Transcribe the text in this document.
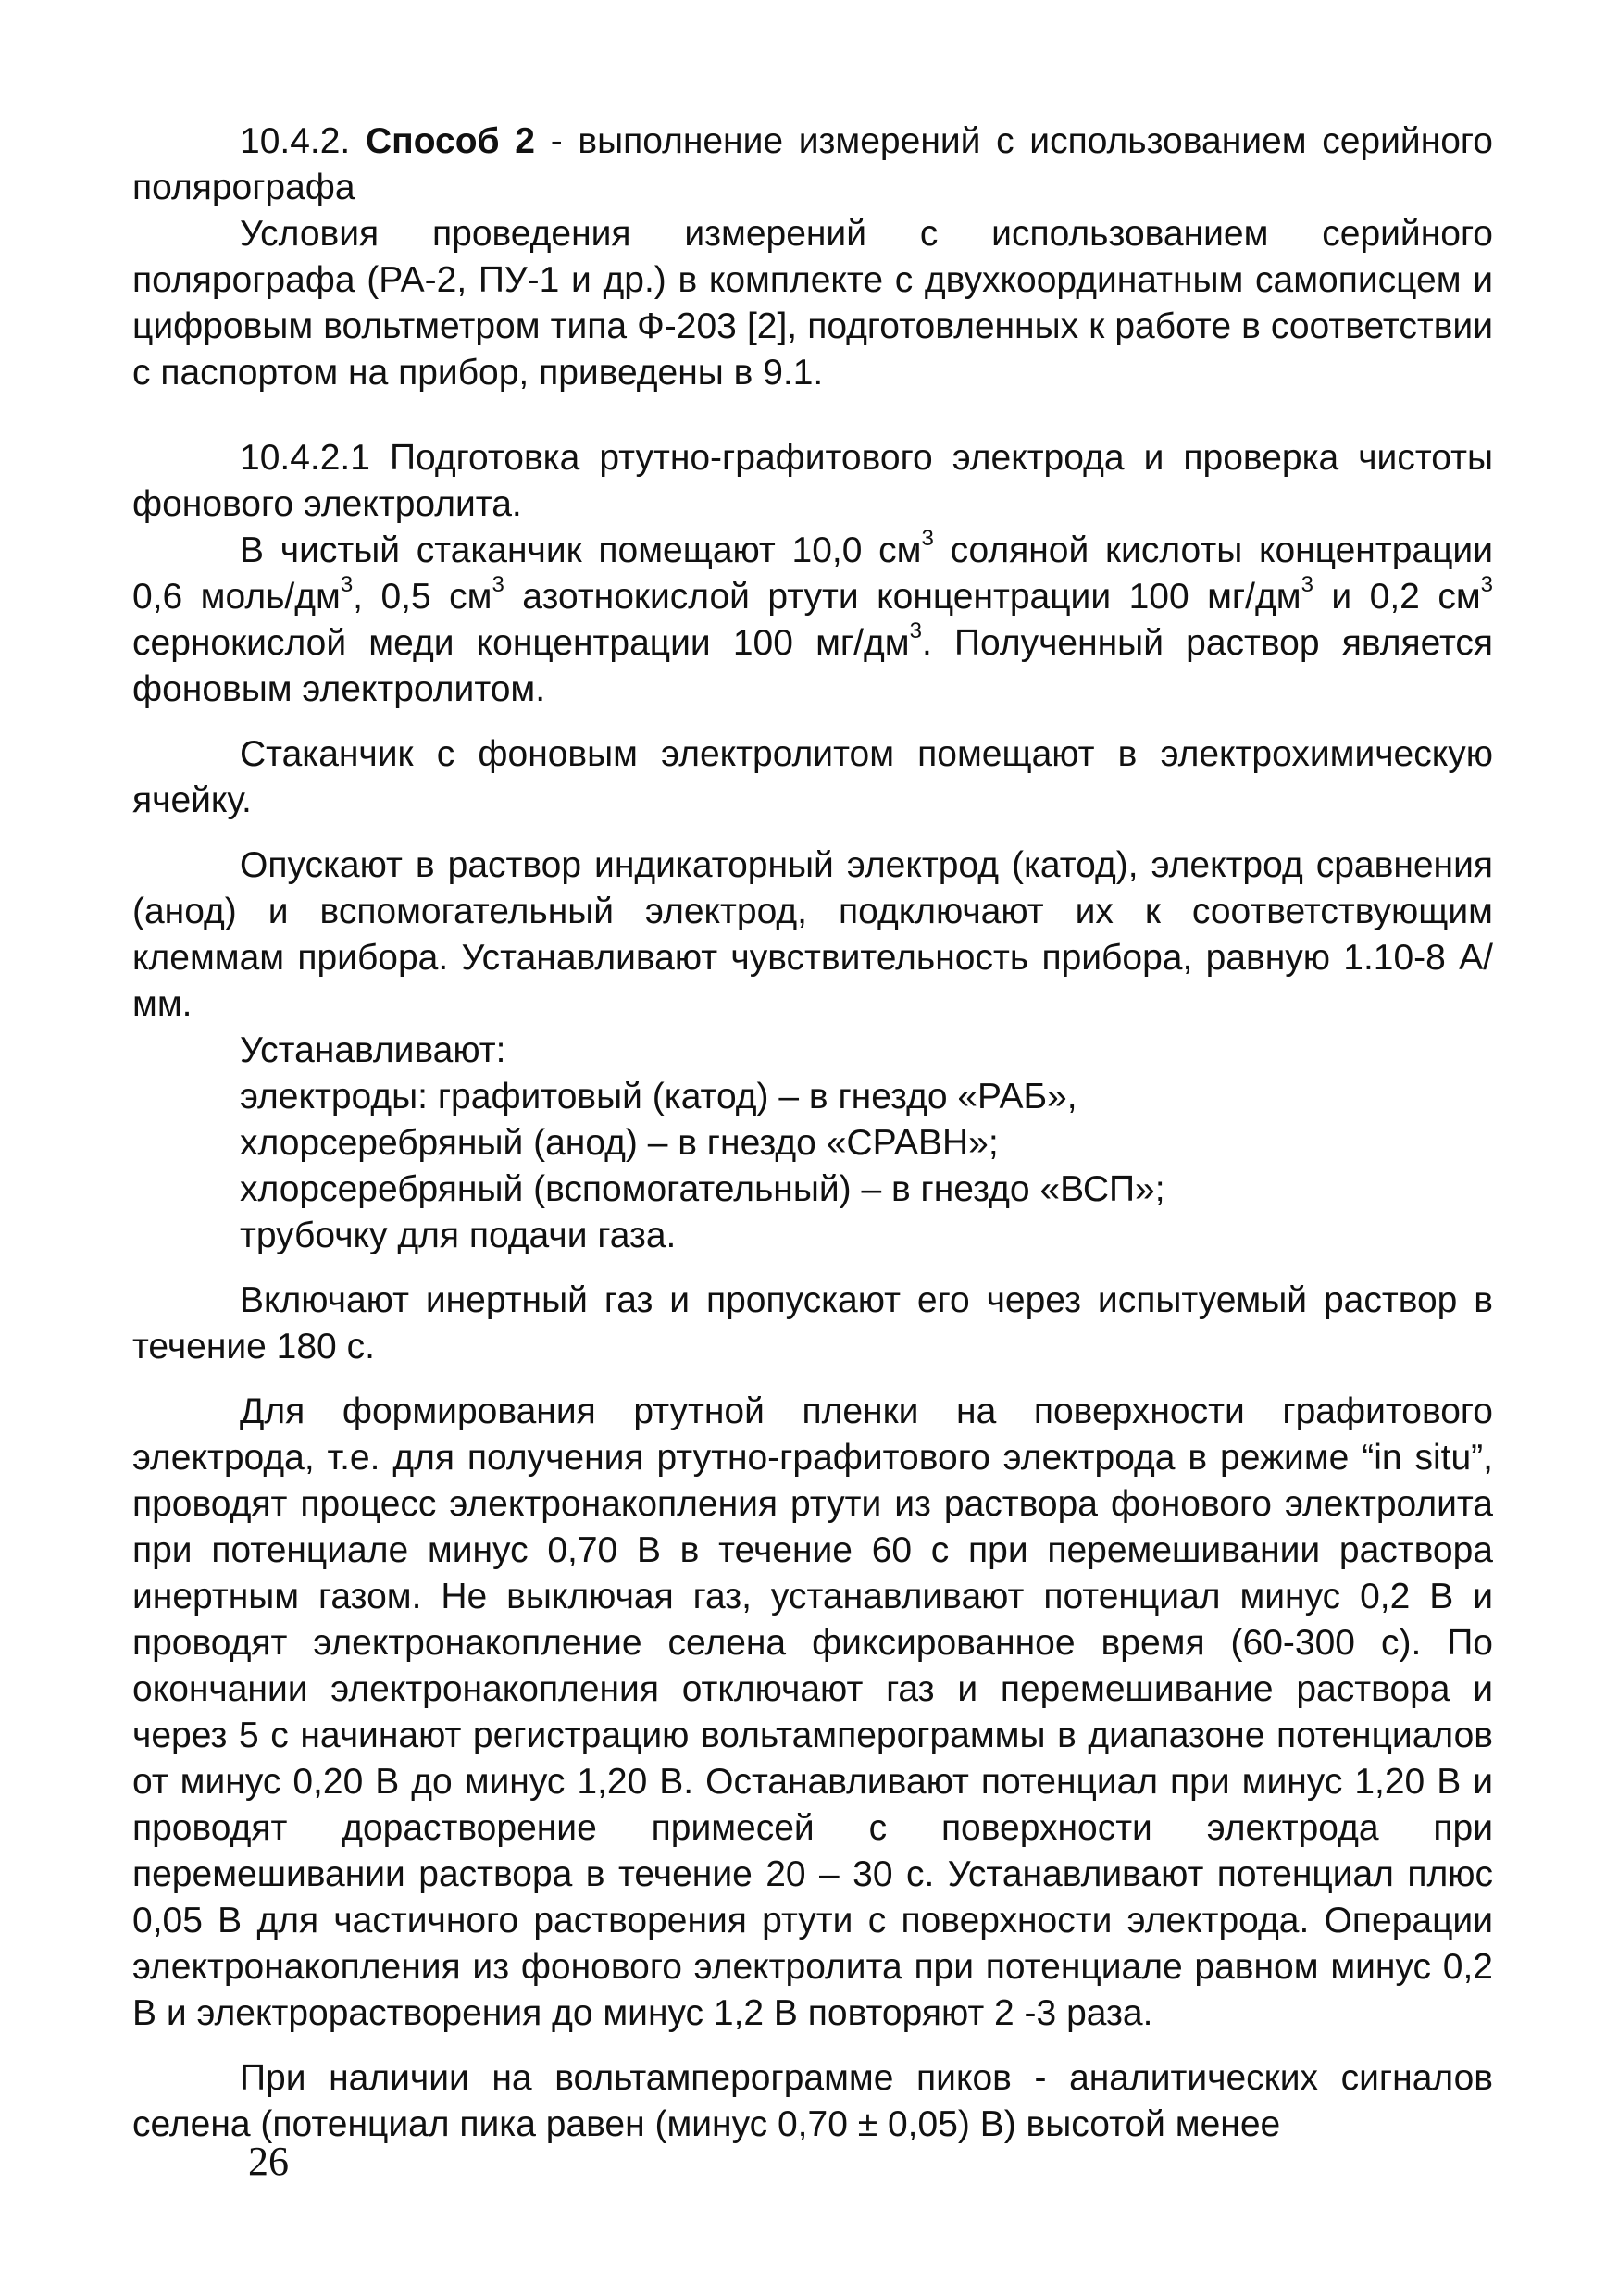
10.4.2. Способ 2 - выполнение измерений с использованием серийного полярографа

Условия проведения измерений с использованием серийного полярографа (РА-2, ПУ-1 и др.) в комплекте с двухкоординатным самописцем и цифровым вольтметром типа Ф-203 [2], подготовленных к работе в соответствии с паспортом на прибор, приведены в 9.1.

10.4.2.1 Подготовка ртутно-графитового электрода и проверка чистоты фонового электролита.

В чистый стаканчик помещают 10,0 $см^3$ соляной кислоты концентрации 0,6 моль/$дм^3$, 0,5 $см^3$ азотнокислой ртути концентрации 100 $мг/дм^3$ и 0,2 $см^3$ сернокислой меди концентрации 100 $мг/дм^3$. Полученный раствор является фоновым электролитом.

Стаканчик с фоновым электролитом помещают в электрохимическую ячейку.

Опускают в раствор индикаторный электрод (катод), электрод сравнения (анод) и вспомогательный электрод, подключают их к соответствующим клеммам прибора. Устанавливают чувствительность прибора, равную 1.10-8 А/мм.

Устанавливают:

электроды: графитовый (катод) – в гнездо «РАБ»,

хлорсеребряный (анод) – в гнездо «СРАВН»;

хлорсеребряный (вспомогательный) – в гнездо «ВСП»;

трубочку для подачи газа.

Включают инертный газ и пропускают его через испытуемый раствор в течение 180 с.

Для формирования ртутной пленки на поверхности графитового электрода, т.е. для получения ртутно-графитового электрода в режиме “in situ”, проводят процесс электронакопления ртути из раствора фонового электролита при потенциале минус 0,70 В в течение 60 с при перемешивании раствора инертным газом. Не выключая газ, устанавливают потенциал минус 0,2 В и проводят электронакопление селена фиксированное время (60-300 с). По окончании электронакопления отключают газ и перемешивание раствора и через 5 с начинают регистрацию вольтамперограммы в диапазоне потенциалов от минус 0,20 В до минус 1,20 В. Останавливают потенциал при минус 1,20 В и проводят дорастворение примесей с поверхности электрода при перемешивании раствора в течение 20 – 30 с. Устанавливают потенциал плюс 0,05 В для частичного растворения ртути с поверхности электрода. Операции электронакопления из фонового электролита при потенциале равном минус 0,2 В и электрорастворения до минус 1,2 В повторяют 2 -3 раза.

При наличии на вольтамперограмме пиков - аналитических сигналов селена (потенциал пика равен (минус 0,70 ± 0,05) В) высотой менее

26
